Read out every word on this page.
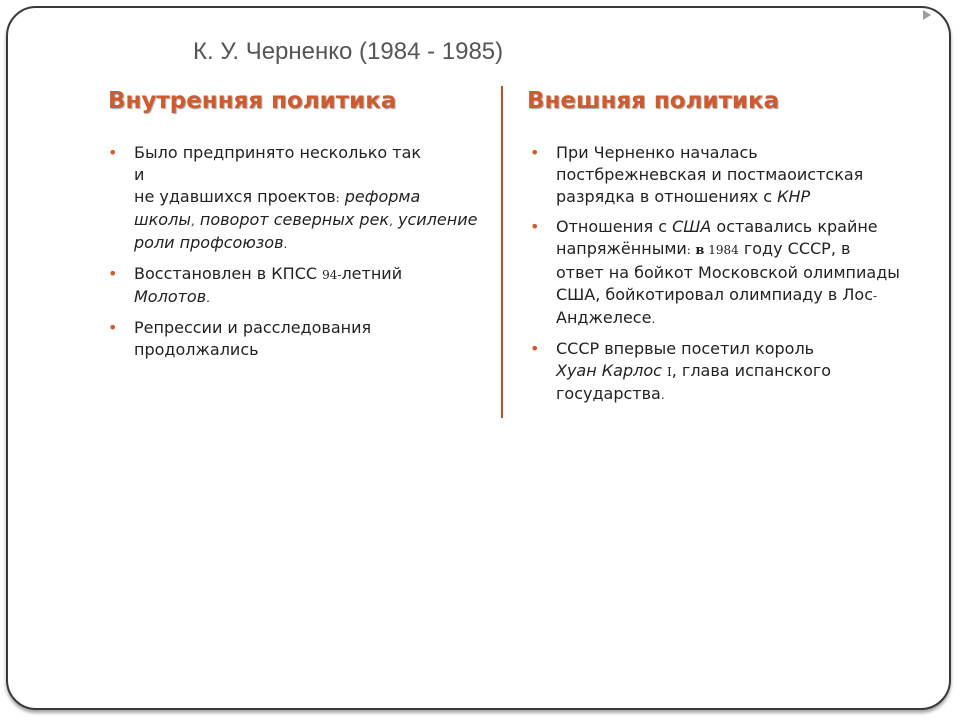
К. У. Черненко (1984 - 1985)
Внутренняя политика	Внешняя политика
• Было предпринято несколько так
и
не удавшихся проектов: реформа школы, поворот северных рек, усиление роли профсоюзов.
• Восстановлен в КПСС 94-летний
Молотов.
• Репрессии и расследования продолжались
• При Черненко началась постбрежневская и постмаоистская разрядка в отношениях с КНР
• Отношения с США оставались крайне напряжёнными: в 1984 году СССР, в ответ на бойкот Московской олимпиады США, бойкотировал олимпиаду в Лос-
Анджелесе.
• СССР впервые посетил король
Хуан Карлос I, глава испанского государства.
